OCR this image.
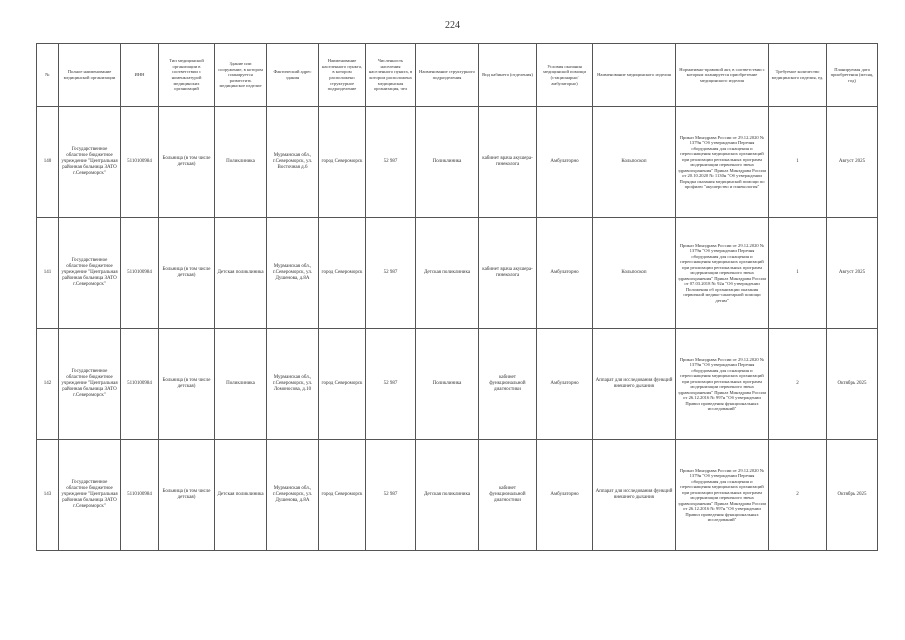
224
№	Полное наименование медицинской организации	ИНН	Тип медицинской организации в соответствии с номенклатурой медицинских организаций	Здание или сооружение, в котором планируется разместить медицинское изделие	Фактический адрес здания	Наименование населенного пункта, в котором расположено структурное подразделение	Численность населения населенного пункта, в котором расположена медицинская организация, чел	Наименование структурного подразделения	Вид кабинета (отделения)	Условия оказания медицинской помощи (стационарно/амбулаторно)	Наименование медицинского изделия	Нормативно-правовой акт, в соответствии с которым планируется приобретение медицинского изделия	Требуемое количество медицинского изделия, ед.	Планируемая дата приобретения (месяц, год)
140	Государственное областное бюджетное учреждение "Центральная районная больница ЗАТО г.Североморск"	5110100984	Больница (в том числе детская)	Поликлиника	Мурманская обл., г.Североморск, ул. Восточная д.6	город Североморск	52 987	Поликлиника	кабинет врача акушера-гинеколога	Амбулаторно	Кольпоскоп	Приказ Минздрава России от 29.12.2020 № 1379н "Об утверждении Перечня оборудования для оснащения и переоснащения медицинских организаций при реализации региональных программ модернизации первичного звена здравоохранения" Приказ Минздрава России от 20.10.2020 № 1130н "Об утверждении Порядка оказания медицинской помощи по профилю "акушерство и гинекология"	1	Август 2025
141	Государственное областное бюджетное учреждение "Центральная районная больница ЗАТО г.Североморск"	5110100984	Больница (в том числе детская)	Детская поликлиника	Мурманская обл., г.Североморск, ул. Душенова, д.8А	город Североморск	52 987	Детская поликлиника	кабинет врача акушера-гинеколога	Амбулаторно	Кольпоскоп	Приказ Минздрава России от 29.12.2020 № 1379н "Об утверждении Перечня оборудования для оснащения и переоснащения медицинских организаций при реализации региональных программ модернизации первичного звена здравоохранения" Приказ Минздрава России от 07.03.2018 № 92н "Об утверждении Положения об организации оказания первичной медико-санитарной помощи детям"	1	Август 2025
142	Государственное областное бюджетное учреждение "Центральная районная больница ЗАТО г.Североморск"	5110100984	Больница (в том числе детская)	Поликлиника	Мурманская обл., г.Североморск, ул. Ломоносова, д.10	город Североморск	52 987	Поликлиника	кабинет функциональной диагностики	Амбулаторно	Аппарат для исследования функций внешнего дыхания	Приказ Минздрава России от 29.12.2020 № 1379н "Об утверждении Перечня оборудования для оснащения и переоснащения медицинских организаций при реализации региональных программ модернизации первичного звена здравоохранения" Приказ Минздрава России от 26.12.2016 № 997н "Об утверждении Правил проведения функциональных исследований"	2	Октябрь 2025
143	Государственное областное бюджетное учреждение "Центральная районная больница ЗАТО г.Североморск"	5110100984	Больница (в том числе детская)	Детская поликлиника	Мурманская обл., г.Североморск, ул. Душенова, д.8А	город Североморск	52 987	Детская поликлиника	кабинет функциональной диагностики	Амбулаторно	Аппарат для исследования функций внешнего дыхания	Приказ Минздрава России от 29.12.2020 № 1379н "Об утверждении Перечня оборудования для оснащения и переоснащения медицинских организаций при реализации региональных программ модернизации первичного звена здравоохранения" Приказ Минздрава России от 26.12.2016 № 997н "Об утверждении Правил проведения функциональных исследований"	2	Октябрь 2025
